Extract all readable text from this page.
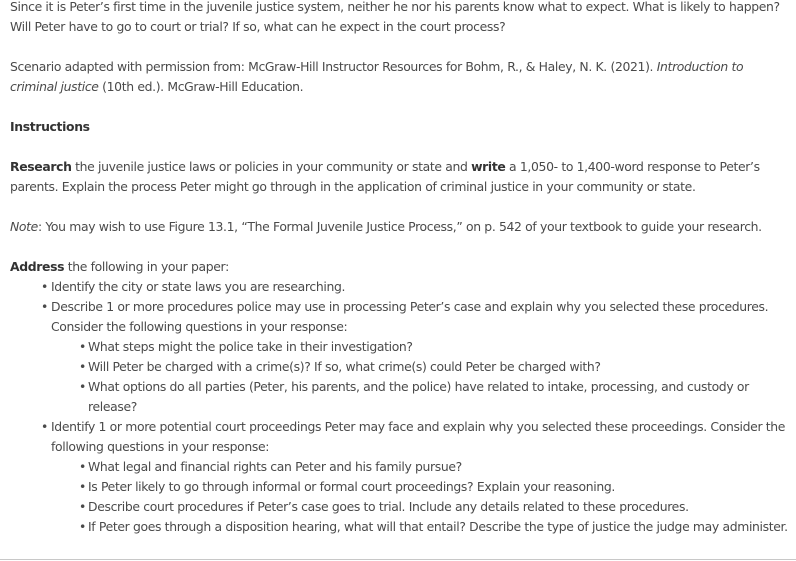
Since it is Peter’s first time in the juvenile justice system, neither he nor his parents know what to expect. What is likely to happen? Will Peter have to go to court or trial? If so, what can he expect in the court process?

Scenario adapted with permission from: McGraw-Hill Instructor Resources for Bohm, R., & Haley, N. K. (2021). Introduction to criminal justice (10th ed.). McGraw-Hill Education.

Instructions

Research the juvenile justice laws or policies in your community or state and write a 1,050- to 1,400-word response to Peter’s parents. Explain the process Peter might go through in the application of criminal justice in your community or state.

Note: You may wish to use Figure 13.1, “The Formal Juvenile Justice Process,” on p. 542 of your textbook to guide your research.

Address the following in your paper:

• Identify the city or state laws you are researching.
• Describe 1 or more procedures police may use in processing Peter’s case and explain why you selected these procedures. Consider the following questions in your response:
• What steps might the police take in their investigation?
• Will Peter be charged with a crime(s)? If so, what crime(s) could Peter be charged with?
• What options do all parties (Peter, his parents, and the police) have related to intake, processing, and custody or release?
• Identify 1 or more potential court proceedings Peter may face and explain why you selected these proceedings. Consider the following questions in your response:
• What legal and financial rights can Peter and his family pursue?
• Is Peter likely to go through informal or formal court proceedings? Explain your reasoning.
• Describe court procedures if Peter’s case goes to trial. Include any details related to these procedures.
• If Peter goes through a disposition hearing, what will that entail? Describe the type of justice the judge may administer.
